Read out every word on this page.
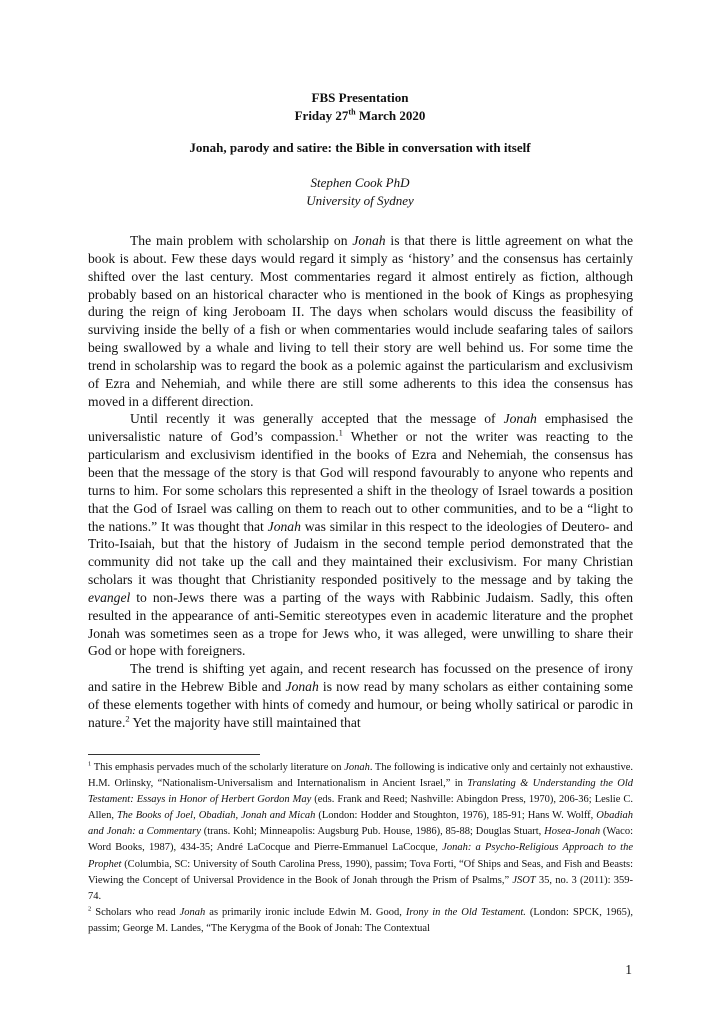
FBS Presentation
Friday 27th March 2020
Jonah, parody and satire: the Bible in conversation with itself
Stephen Cook PhD
University of Sydney

The main problem with scholarship on Jonah is that there is little agreement on what the book is about. Few these days would regard it simply as ‘history’ and the consensus has certainly shifted over the last century. Most commentaries regard it almost entirely as fiction, although probably based on an historical character who is mentioned in the book of Kings as prophesying during the reign of king Jeroboam II. The days when scholars would discuss the feasibility of surviving inside the belly of a fish or when commentaries would include seafaring tales of sailors being swallowed by a whale and living to tell their story are well behind us. For some time the trend in scholarship was to regard the book as a polemic against the particularism and exclusivism of Ezra and Nehemiah, and while there are still some adherents to this idea the consensus has moved in a different direction.

Until recently it was generally accepted that the message of Jonah emphasised the universalistic nature of God’s compassion.$^1$ Whether or not the writer was reacting to the particularism and exclusivism identified in the books of Ezra and Nehemiah, the consensus has been that the message of the story is that God will respond favourably to anyone who repents and turns to him. For some scholars this represented a shift in the theology of Israel towards a position that the God of Israel was calling on them to reach out to other communities, and to be a “light to the nations.” It was thought that Jonah was similar in this respect to the ideologies of Deutero- and Trito-Isaiah, but that the history of Judaism in the second temple period demonstrated that the community did not take up the call and they maintained their exclusivism. For many Christian scholars it was thought that Christianity responded positively to the message and by taking the evangel to non-Jews there was a parting of the ways with Rabbinic Judaism. Sadly, this often resulted in the appearance of anti-Semitic stereotypes even in academic literature and the prophet Jonah was sometimes seen as a trope for Jews who, it was alleged, were unwilling to share their God or hope with foreigners.

The trend is shifting yet again, and recent research has focussed on the presence of irony and satire in the Hebrew Bible and Jonah is now read by many scholars as either containing some of these elements together with hints of comedy and humour, or being wholly satirical or parodic in nature.$^2$ Yet the majority have still maintained that

$^1$ This emphasis pervades much of the scholarly literature on Jonah. The following is indicative only and certainly not exhaustive. H.M. Orlinsky, “Nationalism-Universalism and Internationalism in Ancient Israel,” in Translating & Understanding the Old Testament: Essays in Honor of Herbert Gordon May (eds. Frank and Reed; Nashville: Abingdon Press, 1970), 206-36; Leslie C. Allen, The Books of Joel, Obadiah, Jonah and Micah (London: Hodder and Stoughton, 1976), 185-91; Hans W. Wolff, Obadiah and Jonah: a Commentary (trans. Kohl; Minneapolis: Augsburg Pub. House, 1986), 85-88; Douglas Stuart, Hosea-Jonah (Waco: Word Books, 1987), 434-35; André LaCocque and Pierre-Emmanuel LaCocque, Jonah: a Psycho-Religious Approach to the Prophet (Columbia, SC: University of South Carolina Press, 1990), passim; Tova Forti, “Of Ships and Seas, and Fish and Beasts: Viewing the Concept of Universal Providence in the Book of Jonah through the Prism of Psalms,” JSOT 35, no. 3 (2011): 359-74.

$^2$ Scholars who read Jonah as primarily ironic include Edwin M. Good, Irony in the Old Testament. (London: SPCK, 1965), passim; George M. Landes, “The Kerygma of the Book of Jonah: The Contextual

1
